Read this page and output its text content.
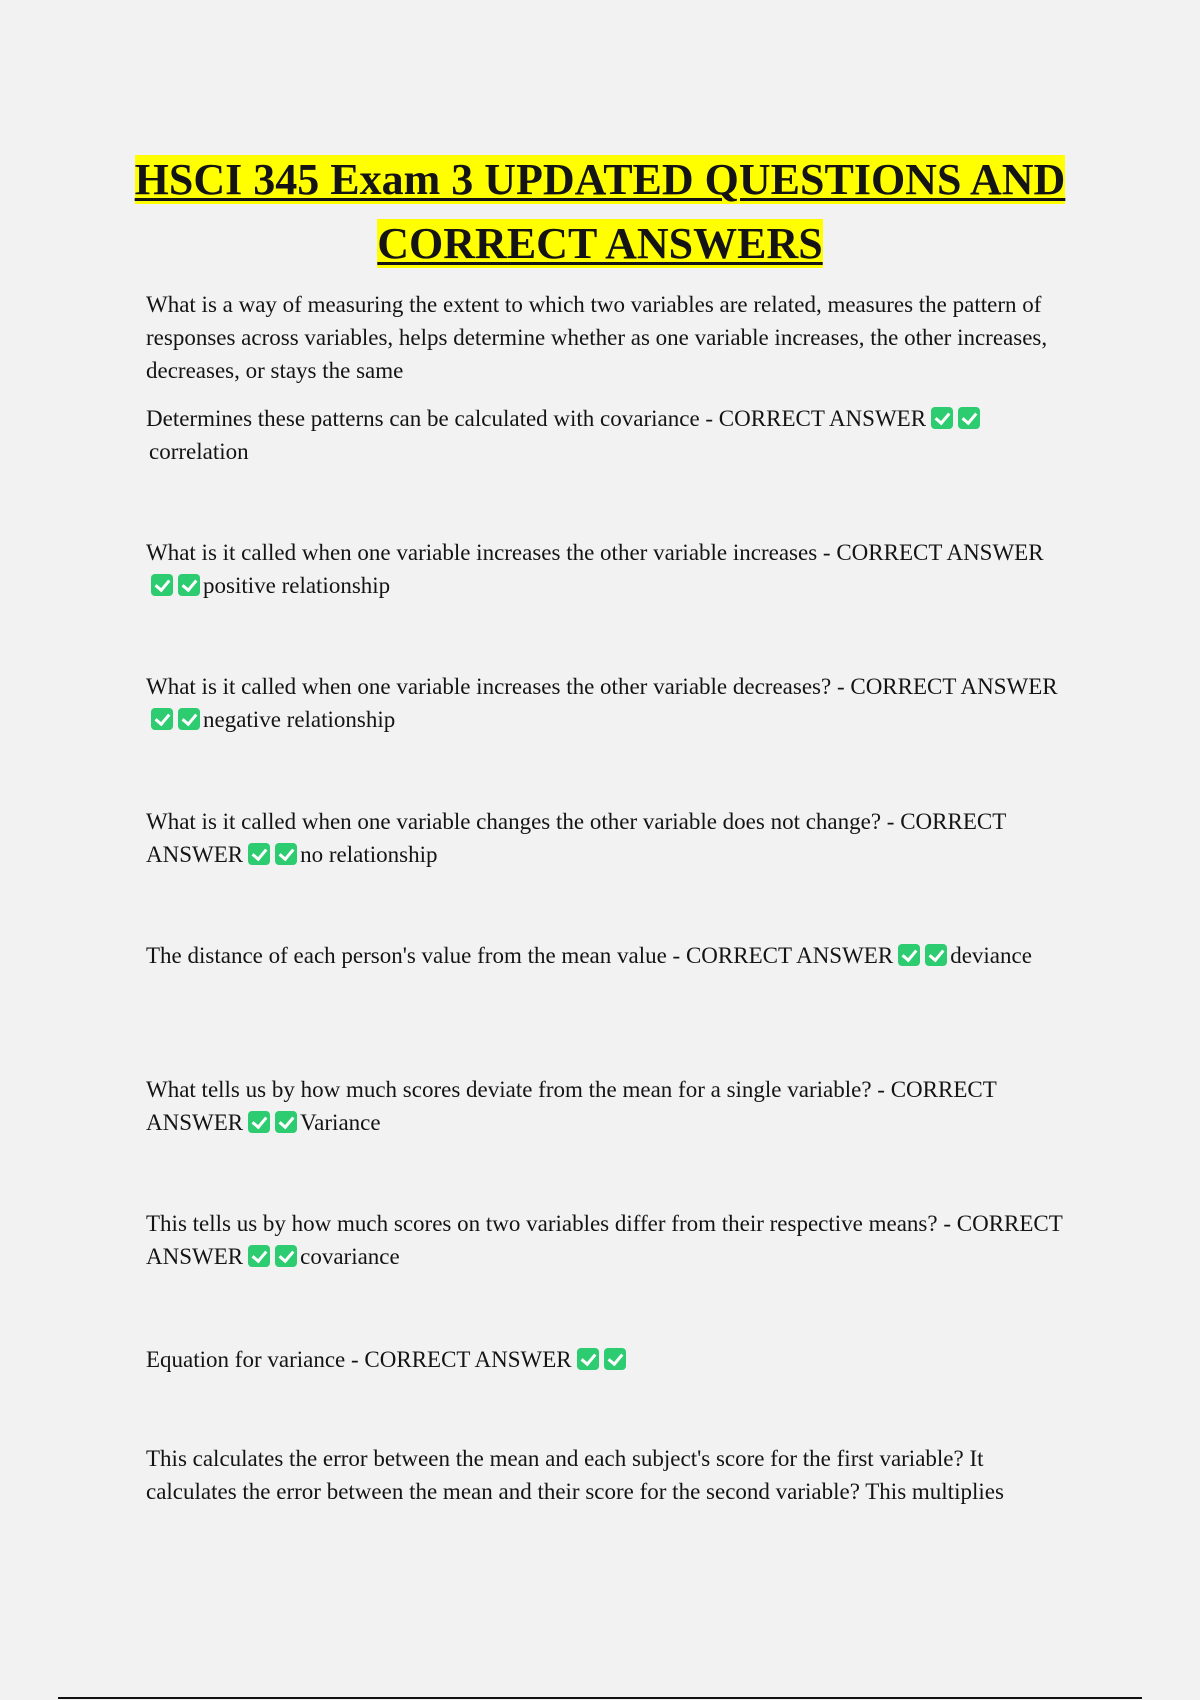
HSCI 345 Exam 3 UPDATED QUESTIONS AND CORRECT ANSWERS

What is a way of measuring the extent to which two variables are related, measures the pattern of responses across variables, helps determine whether as one variable increases, the other increases, decreases, or stays the same

Determines these patterns can be calculated with covariance - CORRECT ANSWERcorrelation

What is it called when one variable increases the other variable increases - CORRECT ANSWERpositive relationship

What is it called when one variable increases the other variable decreases? - CORRECT ANSWERnegative relationship

What is it called when one variable changes the other variable does not change? - CORRECT ANSWER no relationship

The distance of each person's value from the mean value - CORRECT ANSWER deviance

What tells us by how much scores deviate from the mean for a single variable? - CORRECT ANSWER Variance

This tells us by how much scores on two variables differ from their respective means? - CORRECT ANSWER covariance

Equation for variance - CORRECT ANSWER

This calculates the error between the mean and each subject's score for the first variable? It calculates the error between the mean and their score for the second variable? This multiplies
